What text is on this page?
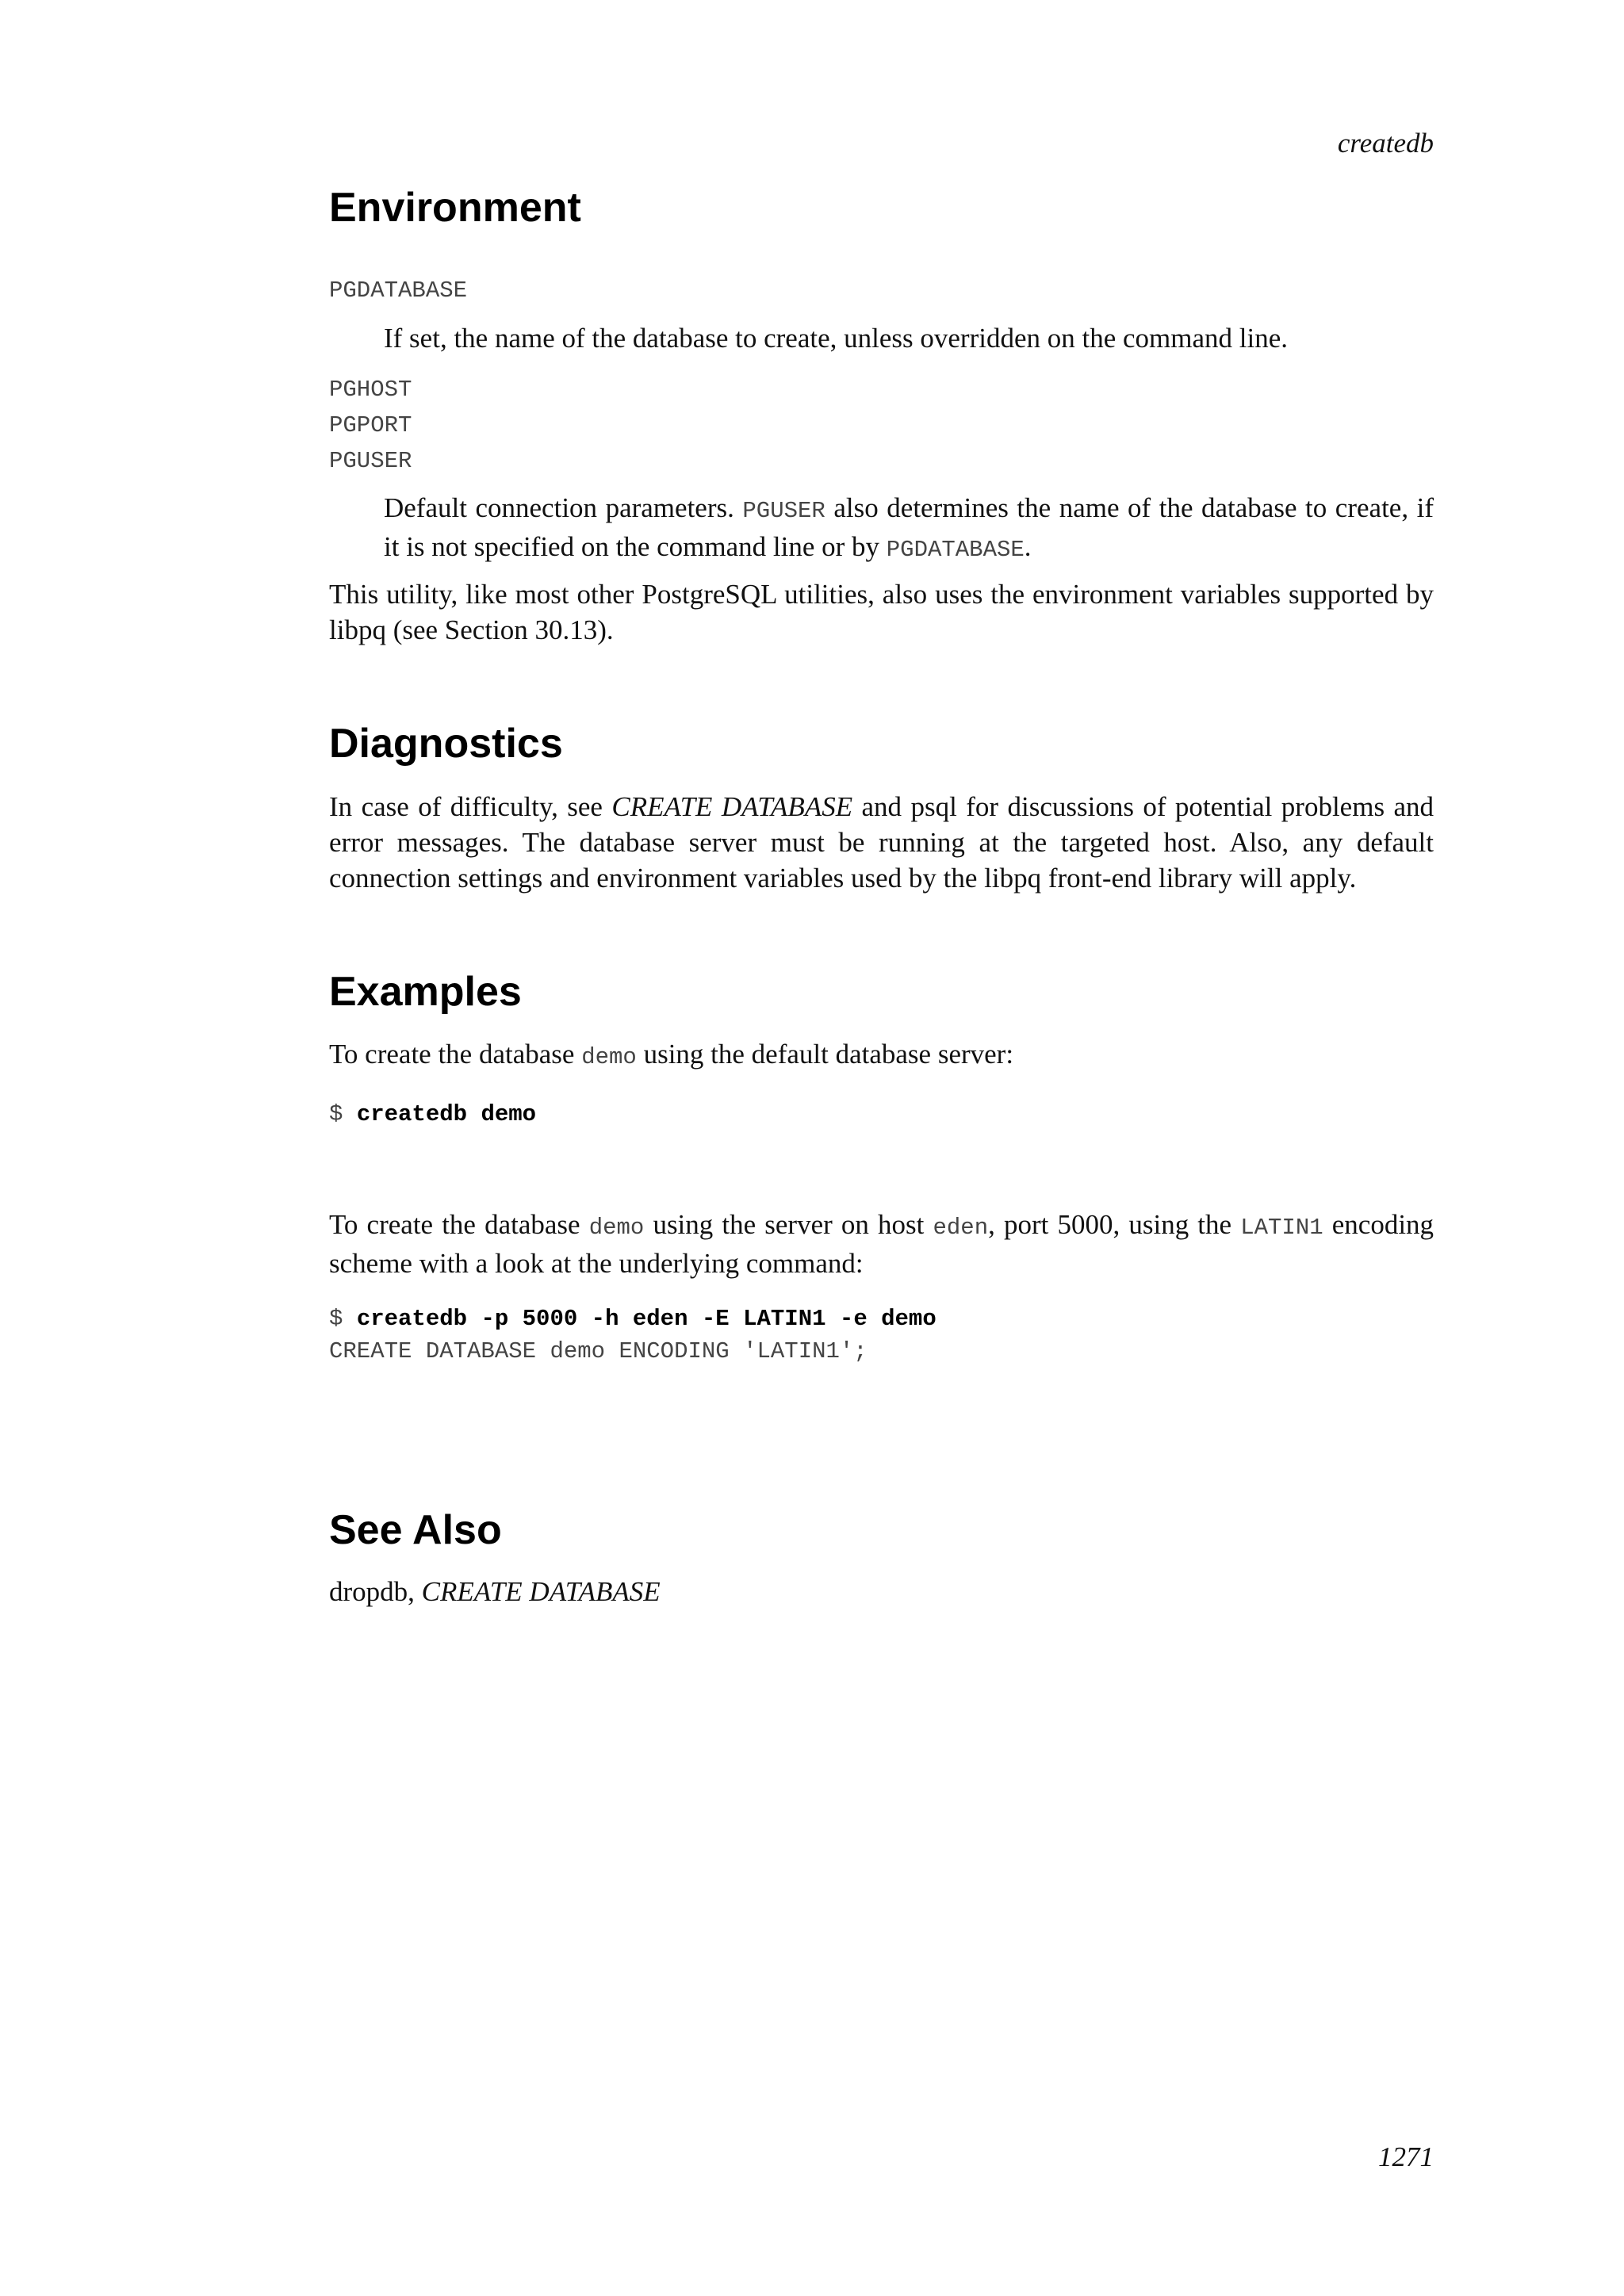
createdb
Environment
PGDATABASE
If set, the name of the database to create, unless overridden on the command line.
PGHOST
PGPORT
PGUSER
Default connection parameters. PGUSER also determines the name of the database to create, if it is not specified on the command line or by PGDATABASE.
This utility, like most other PostgreSQL utilities, also uses the environment variables supported by libpq (see Section 30.13).
Diagnostics
In case of difficulty, see CREATE DATABASE and psql for discussions of potential problems and error messages. The database server must be running at the targeted host. Also, any default connection settings and environment variables used by the libpq front-end library will apply.
Examples
To create the database demo using the default database server:
$ createdb demo
To create the database demo using the server on host eden, port 5000, using the LATIN1 encoding scheme with a look at the underlying command:
$ createdb -p 5000 -h eden -E LATIN1 -e demo
CREATE DATABASE demo ENCODING 'LATIN1';
See Also
dropdb, CREATE DATABASE
1271
